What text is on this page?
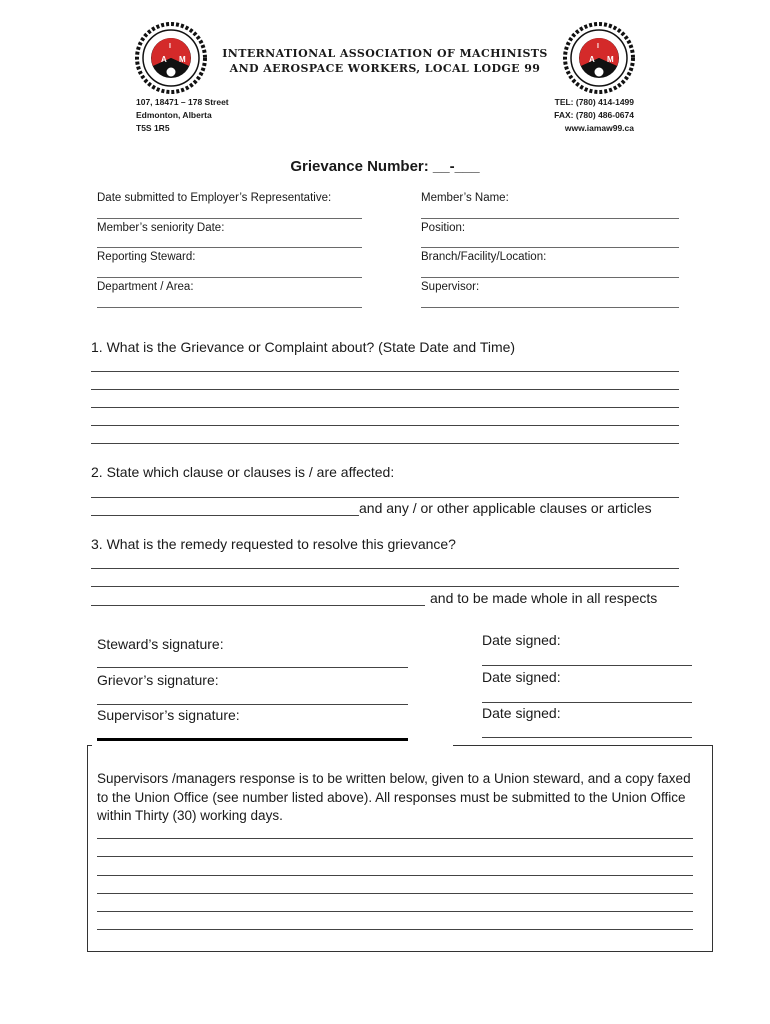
A M
I
A M
I
INTERNATIONAL ASSOCIATION OF MACHINISTS
AND AEROSPACE WORKERS, LOCAL LODGE 99
107, 18471 – 178 Street
Edmonton, Alberta
T5S 1R5
TEL: (780) 414-1499
FAX: (780) 486-0674
www.iamaw99.ca
Grievance Number: __-___
Date submitted to Employer’s Representative:	Member’s Name:
Member’s seniority Date:	Position:
Reporting Steward:	Branch/Facility/Location:
Department / Area:	Supervisor:
1. What is the Grievance or Complaint about? (State Date and Time)
2. State which clause or clauses is / are affected:
and any / or other applicable clauses or articles
3. What is the remedy requested to resolve this grievance?
and to be made whole in all respects
Steward’s signature:	Date signed:
Grievor’s signature:	Date signed:
Supervisor’s signature:	Date signed:
Supervisors /managers response is to be written below, given to a Union steward, and a copy faxed to the Union Office (see number listed above). All responses must be submitted to the Union Office within Thirty (30) working days.
